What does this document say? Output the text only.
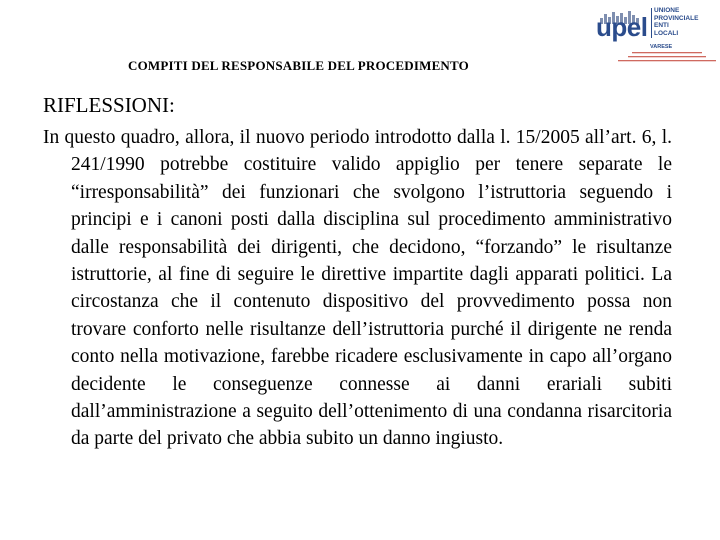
COMPITI DEL RESPONSABILE DEL PROCEDIMENTO
upel
UNIONE
PROVINCIALE
ENTI
LOCALI
VARESE
RIFLESSIONI:
In questo quadro, allora, il nuovo periodo introdotto dalla l. 15/2005 all’art. 6, l. 241/1990 potrebbe costituire valido appiglio per tenere separate le “irresponsabilità” dei funzionari che svolgono l’istruttoria seguendo i principi e i canoni posti dalla disciplina sul procedimento amministrativo dalle responsabilità dei dirigenti, che decidono, “forzando” le risultanze istruttorie, al fine di seguire le direttive impartite dagli apparati politici. La circostanza che il contenuto dispositivo del provvedimento possa non trovare conforto nelle risultanze dell’istruttoria purché il dirigente ne renda conto nella motivazione, farebbe ricadere esclusivamente in capo all’organo decidente le conseguenze connesse ai danni erariali subiti dall’amministrazione a seguito dell’ottenimento di una condanna risarcitoria da parte del privato che abbia subito un danno ingiusto.
